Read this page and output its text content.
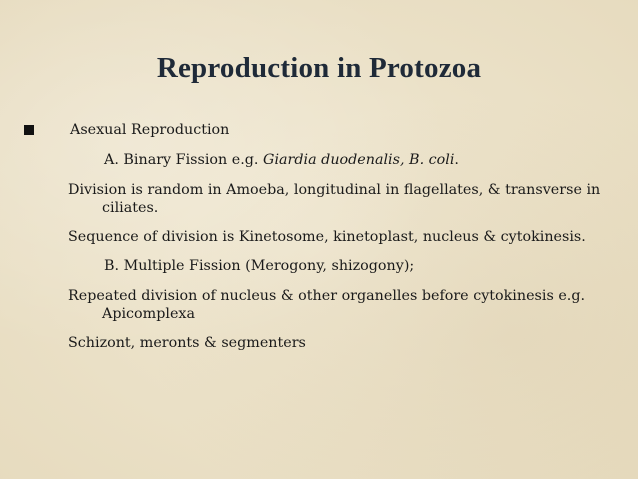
Reproduction in Protozoa
Asexual Reproduction
A. Binary Fission e.g. Giardia duodenalis, B. coli.
Division is random in Amoeba, longitudinal in flagellates, & transverse in ciliates.
Sequence of division is Kinetosome, kinetoplast, nucleus & cytokinesis.
B. Multiple Fission (Merogony, shizogony);
Repeated division of nucleus & other organelles before cytokinesis e.g. Apicomplexa
Schizont, meronts & segmenters
